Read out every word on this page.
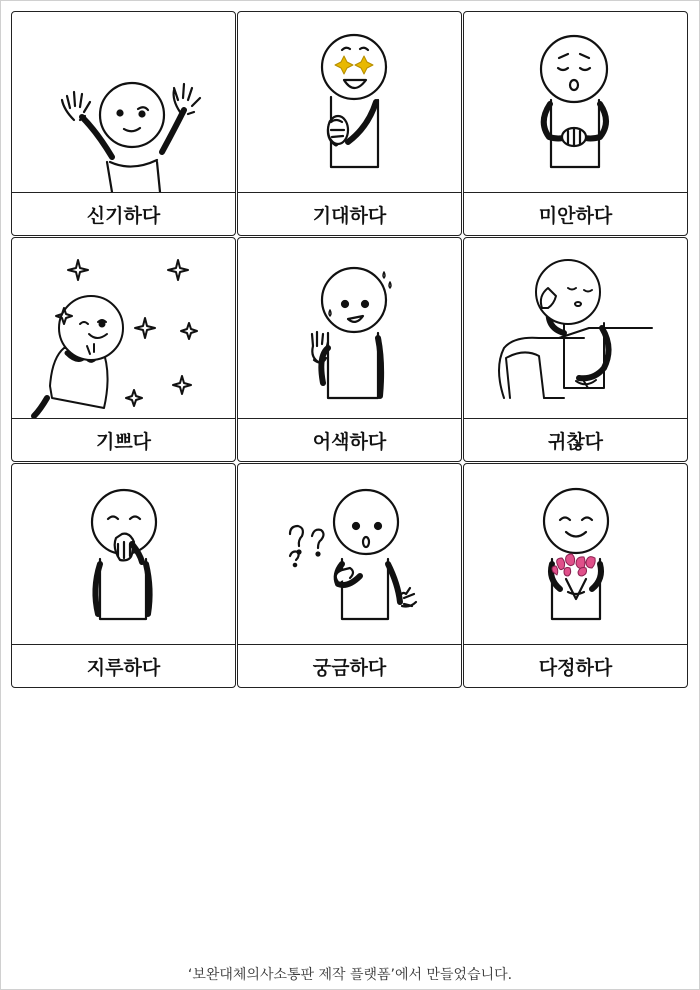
신기하다	기대하다	미안하다
기쁘다	어색하다	귀찮다
지루하다	궁금하다	다정하다
‘보완대체의사소통판 제작 플랫폼’에서 만들었습니다.
